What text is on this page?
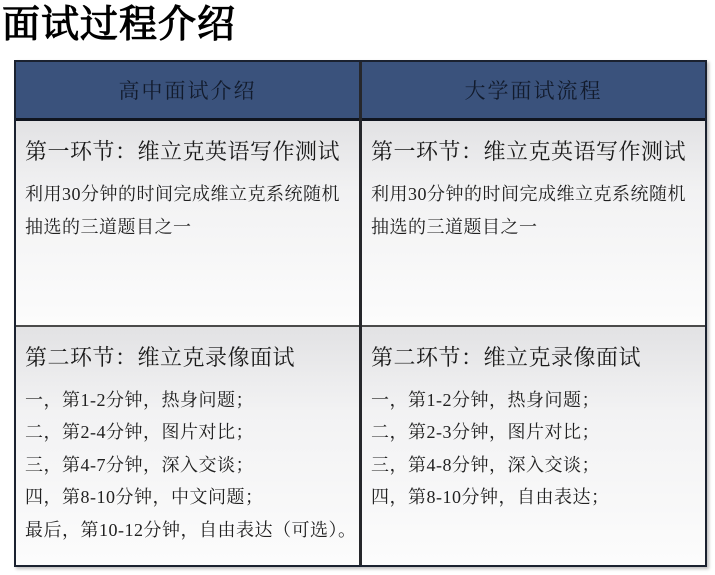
面试过程介绍
高中面试介绍
第一环节：维立克英语写作测试
利用30分钟的时间完成维立克系统随机抽选的三道题目之一
第二环节：维立克录像面试
一，第1-2分钟，热身问题；
二，第2-4分钟，图片对比；
三，第4-7分钟，深入交谈；
四，第8-10分钟，中文问题；
最后，第10-12分钟，自由表达（可选）。
大学面试流程
第一环节：维立克英语写作测试
利用30分钟的时间完成维立克系统随机抽选的三道题目之一
第二环节：维立克录像面试
一，第1-2分钟，热身问题；
二，第2-3分钟，图片对比；
三，第4-8分钟，深入交谈；
四，第8-10分钟，自由表达；
